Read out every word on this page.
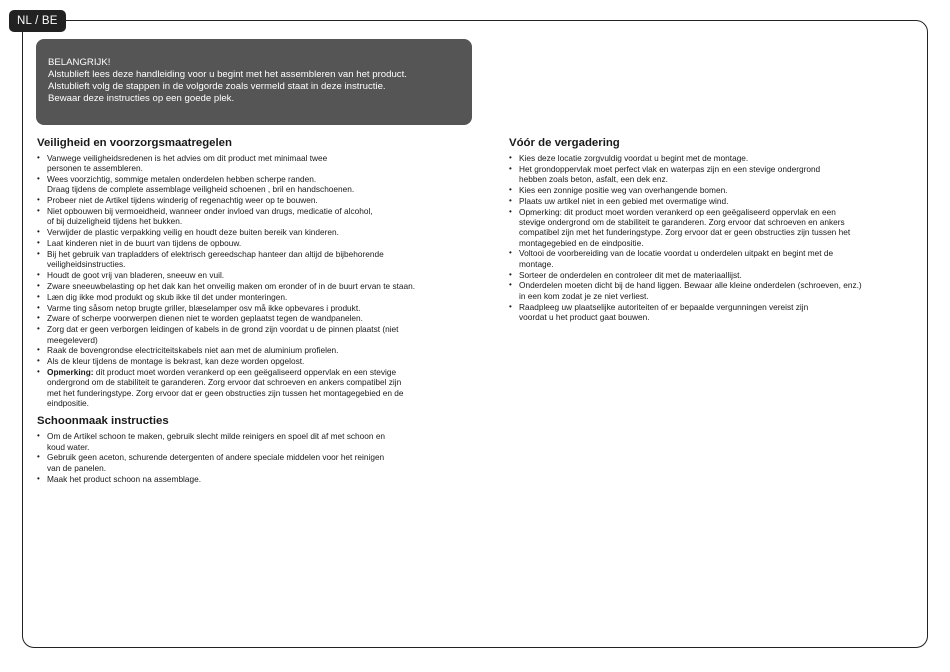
NL / BE
BELANGRIJK!
Alstublieft lees deze handleiding voor u begint met het assembleren van het product.
Alstublieft volg de stappen in de volgorde zoals vermeld staat in deze instructie.
Bewaar deze instructies op een goede plek.
Veiligheid en voorzorgsmaatregelen
• Vanwege veiligheidsredenen is het advies om dit product met minimaal twee
personen te assembleren.
• Wees voorzichtig, sommige metalen onderdelen hebben scherpe randen.
Draag tijdens de complete assemblage veiligheid schoenen , bril en handschoenen.
• Probeer niet de Artikel tijdens winderig of regenachtig weer op te bouwen.
• Niet opbouwen bij vermoeidheid, wanneer onder invloed van drugs, medicatie of alcohol,
of bij duizeligheid tijdens het bukken.
• Verwijder de plastic verpakking veilig en houdt deze buiten bereik van kinderen.
• Laat kinderen niet in de buurt van tijdens de opbouw.
• Bij het gebruik van trapladders of elektrisch gereedschap hanteer dan altijd de bijbehorende
veiligheidsinstructies.
• Houdt de goot vrij van bladeren, sneeuw en vuil.
• Zware sneeuwbelasting op het dak kan het onveilig maken om eronder of in de buurt ervan te staan.
• Læn dig ikke mod produkt og skub ikke til det under monteringen.
• Varme ting såsom netop brugte griller, blæselamper osv må ikke opbevares i produkt.
• Zware of scherpe voorwerpen dienen niet te worden geplaatst tegen de wandpanelen.
• Zorg dat er geen verborgen leidingen of kabels in de grond zijn voordat u de pinnen plaatst (niet
meegeleverd)
• Raak de bovengrondse electriciteitskabels niet aan met de aluminium profielen.
• Als de kleur tijdens de montage is bekrast, kan deze worden opgelost.
• Opmerking: dit product moet worden verankerd op een geëgaliseerd oppervlak en een stevige
ondergrond om de stabiliteit te garanderen. Zorg ervoor dat schroeven en ankers compatibel zijn
met het funderingstype. Zorg ervoor dat er geen obstructies zijn tussen het montagegebied en de
eindpositie.
Schoonmaak instructies
• Om de Artikel schoon te maken, gebruik slecht milde reinigers en spoel dit af met schoon en
koud water.
• Gebruik geen aceton, schurende detergenten of andere speciale middelen voor het reinigen
van de panelen.
• Maak het product schoon na assemblage.
Vóór de vergadering
• Kies deze locatie zorgvuldig voordat u begint met de montage.
• Het grondoppervlak moet perfect vlak en waterpas zijn en een stevige ondergrond
hebben zoals beton, asfalt, een dek enz.
• Kies een zonnige positie weg van overhangende bomen.
• Plaats uw artikel niet in een gebied met overmatige wind.
• Opmerking: dit product moet worden verankerd op een geëgaliseerd oppervlak en een
stevige ondergrond om de stabiliteit te garanderen. Zorg ervoor dat schroeven en ankers
compatibel zijn met het funderingstype. Zorg ervoor dat er geen obstructies zijn tussen het
montagegebied en de eindpositie.
• Voltooi de voorbereiding van de locatie voordat u onderdelen uitpakt en begint met de
montage.
• Sorteer de onderdelen en controleer dit met de materiaallijst.
• Onderdelen moeten dicht bij de hand liggen. Bewaar alle kleine onderdelen (schroeven, enz.)
in een kom zodat je ze niet verliest.
• Raadpleeg uw plaatselijke autoriteiten of er bepaalde vergunningen vereist zijn
voordat u het product gaat bouwen.
